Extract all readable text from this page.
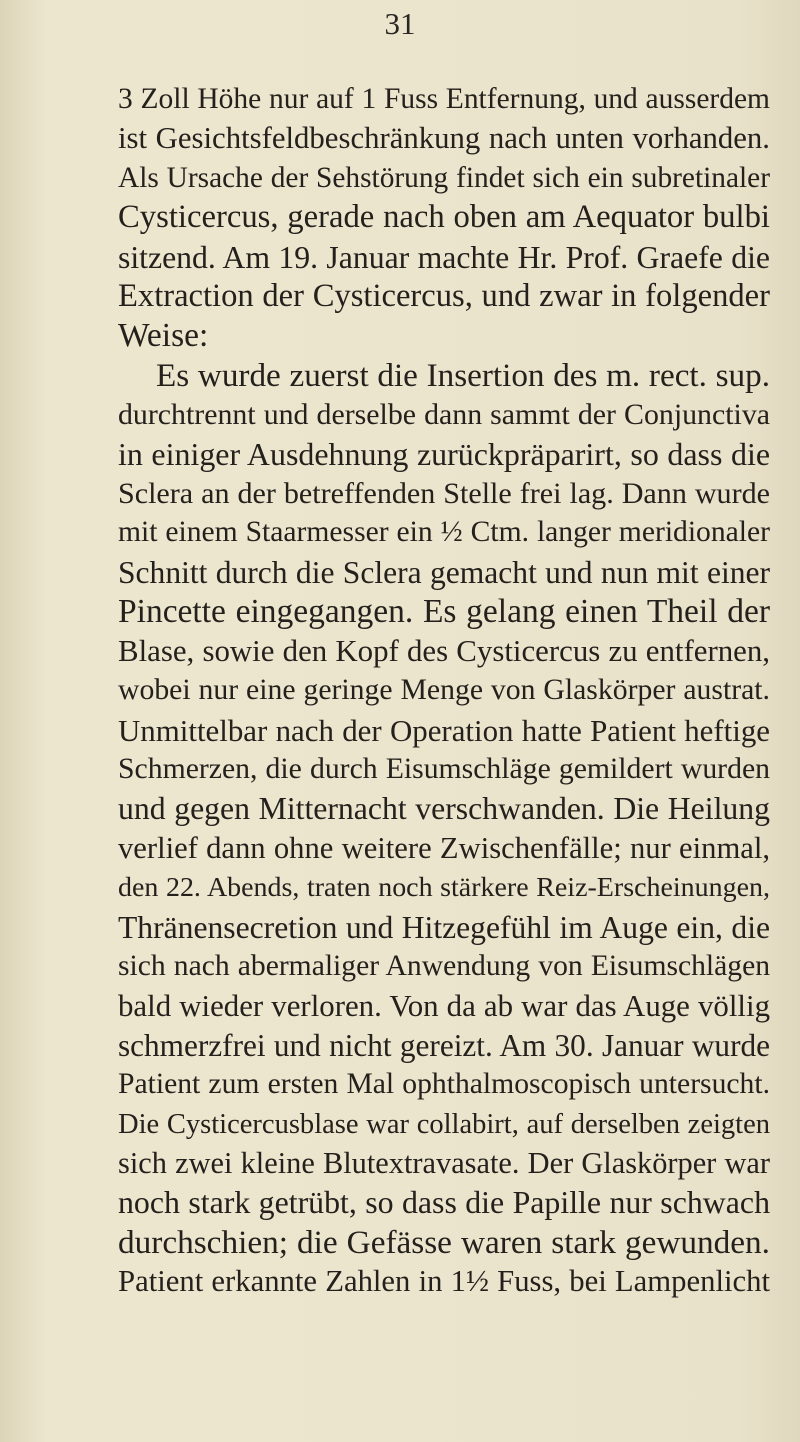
31
3 Zoll Höhe nur auf 1 Fuss Entfernung, und ausserdem
ist Gesichtsfeldbeschränkung nach unten vorhanden.
Als Ursache der Sehstörung findet sich ein subretinaler
Cysticercus, gerade nach oben am Aequator bulbi
sitzend. Am 19. Januar machte Hr. Prof. Graefe die
Extraction der Cysticercus, und zwar in folgender
Weise:
Es wurde zuerst die Insertion des m. rect. sup.
durchtrennt und derselbe dann sammt der Conjunctiva
in einiger Ausdehnung zurückpräparirt, so dass die
Sclera an der betreffenden Stelle frei lag. Dann wurde
mit einem Staarmesser ein ½ Ctm. langer meridionaler
Schnitt durch die Sclera gemacht und nun mit einer
Pincette eingegangen. Es gelang einen Theil der
Blase, sowie den Kopf des Cysticercus zu entfernen,
wobei nur eine geringe Menge von Glaskörper austrat.
Unmittelbar nach der Operation hatte Patient heftige
Schmerzen, die durch Eisumschläge gemildert wurden
und gegen Mitternacht verschwanden. Die Heilung
verlief dann ohne weitere Zwischenfälle; nur einmal,
den 22. Abends, traten noch stärkere Reiz-Erscheinungen,
Thränensecretion und Hitzegefühl im Auge ein, die
sich nach abermaliger Anwendung von Eisumschlägen
bald wieder verloren. Von da ab war das Auge völlig
schmerzfrei und nicht gereizt. Am 30. Januar wurde
Patient zum ersten Mal ophthalmoscopisch untersucht.
Die Cysticercusblase war collabirt, auf derselben zeigten
sich zwei kleine Blutextravasate. Der Glaskörper war
noch stark getrübt, so dass die Papille nur schwach
durchschien; die Gefässe waren stark gewunden.
Patient erkannte Zahlen in 1½ Fuss, bei Lampenlicht
